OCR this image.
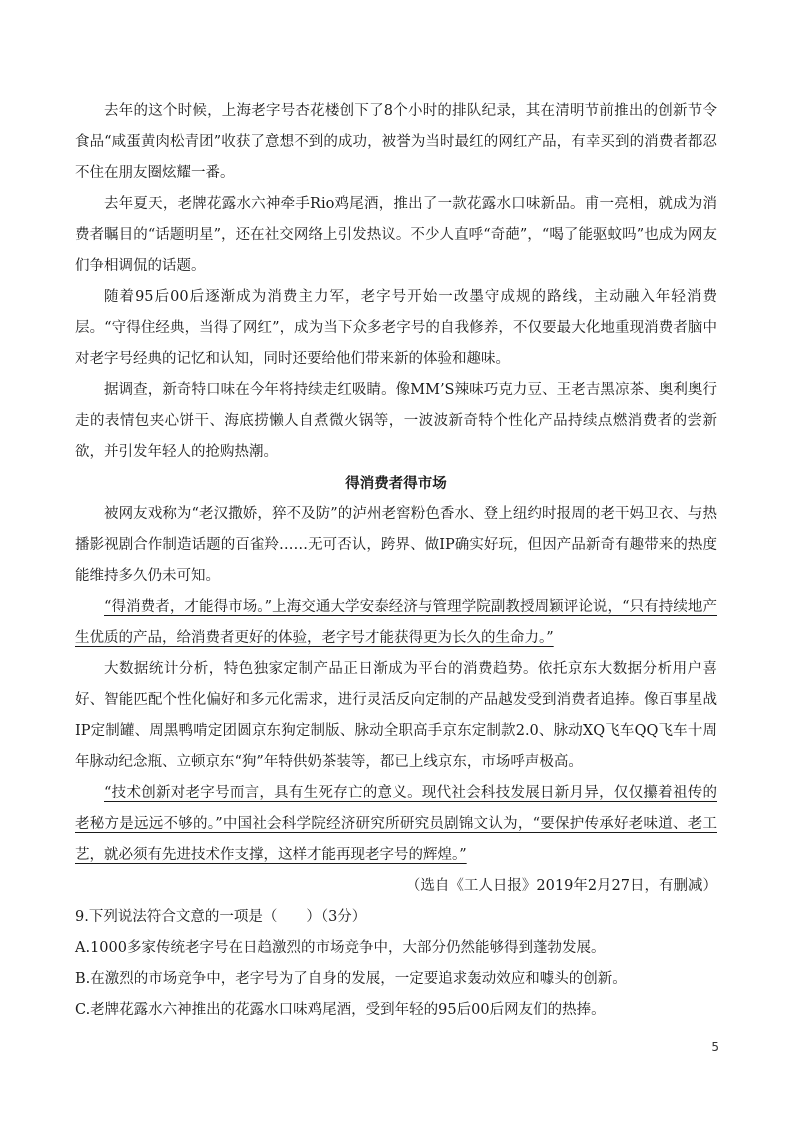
去年的这个时候，上海老字号杏花楼创下了8个小时的排队纪录，其在清明节前推出的创新节令食品“咸蛋黄肉松青团”收获了意想不到的成功，被誉为当时最红的网红产品，有幸买到的消费者都忍不住在朋友圈炫耀一番。

去年夏天，老牌花露水六神牵手Rio鸡尾酒，推出了一款花露水口味新品。甫一亮相，就成为消费者瞩目的“话题明星”，还在社交网络上引发热议。不少人直呼“奇葩”，“喝了能驱蚊吗”也成为网友们争相调侃的话题。

随着95后00后逐渐成为消费主力军，老字号开始一改墨守成规的路线，主动融入年轻消费层。“守得住经典，当得了网红”，成为当下众多老字号的自我修养，不仅要最大化地重现消费者脑中对老字号经典的记忆和认知，同时还要给他们带来新的体验和趣味。

据调查，新奇特口味在今年将持续走红吸睛。像MM’S辣味巧克力豆、王老吉黑凉茶、奥利奥行走的表情包夹心饼干、海底捞懒人自煮微火锅等，一波波新奇特个性化产品持续点燃消费者的尝新欲，并引发年轻人的抢购热潮。

得消费者得市场

被网友戏称为“老汉撒娇，猝不及防”的泸州老窖粉色香水、登上纽约时报周的老干妈卫衣、与热播影视剧合作制造话题的百雀羚……无可否认，跨界、做IP确实好玩，但因产品新奇有趣带来的热度能维持多久仍未可知。

“得消费者，才能得市场。”上海交通大学安泰经济与管理学院副教授周颖评论说，“只有持续地产生优质的产品，给消费者更好的体验，老字号才能获得更为长久的生命力。”

大数据统计分析，特色独家定制产品正日渐成为平台的消费趋势。依托京东大数据分析用户喜好、智能匹配个性化偏好和多元化需求，进行灵活反向定制的产品越发受到消费者追捧。像百事星战IP定制罐、周黑鸭啃定团圆京东狗定制版、脉动全职高手京东定制款2.0、脉动XQ飞车QQ飞车十周年脉动纪念瓶、立顿京东“狗”年特供奶茶装等，都已上线京东，市场呼声极高。

“技术创新对老字号而言，具有生死存亡的意义。现代社会科技发展日新月异，仅仅攥着祖传的老秘方是远远不够的。”中国社会科学院经济研究所研究员剧锦文认为，“要保护传承好老味道、老工艺，就必须有先进技术作支撑，这样才能再现老字号的辉煌。”

（选自《工人日报》2019年2月27日，有删减）

9.下列说法符合文意的一项是（　　）（3分）

A.1000多家传统老字号在日趋激烈的市场竞争中，大部分仍然能够得到蓬勃发展。

B.在激烈的市场竞争中，老字号为了自身的发展，一定要追求轰动效应和噱头的创新。

C.老牌花露水六神推出的花露水口味鸡尾酒，受到年轻的95后00后网友们的热捧。

5
